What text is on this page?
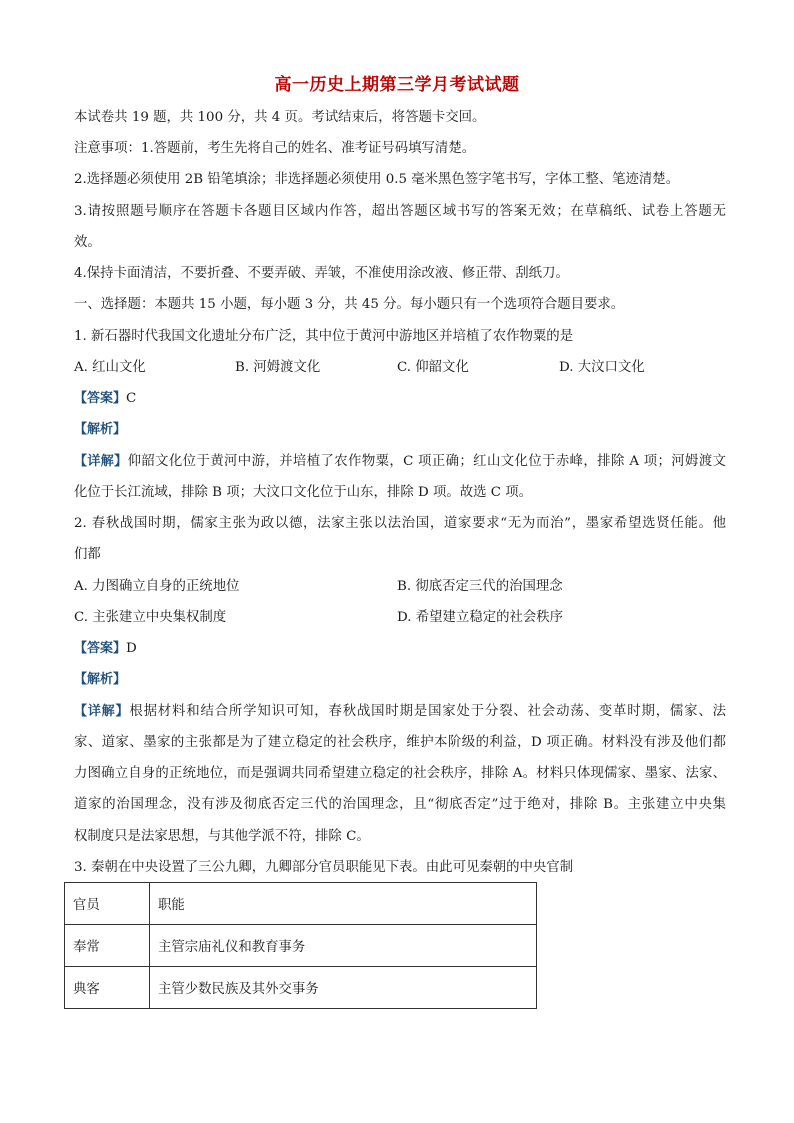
高一历史上期第三学月考试试题
本试卷共 19 题，共 100 分，共 4 页。考试结束后，将答题卡交回。
注意事项：1.答题前，考生先将自己的姓名、准考证号码填写清楚。
2.选择题必须使用 2B 铅笔填涂；非选择题必须使用 0.5 毫米黑色签字笔书写，字体工整、笔迹清楚。
3.请按照题号顺序在答题卡各题目区域内作答，超出答题区域书写的答案无效；在草稿纸、试卷上答题无
效。
4.保持卡面清洁，不要折叠、不要弄破、弄皱，不准使用涂改液、修正带、刮纸刀。
一、选择题：本题共 15 小题，每小题 3 分，共 45 分。每小题只有一个选项符合题目要求。
1. 新石器时代我国文化遗址分布广泛，其中位于黄河中游地区并培植了农作物粟的是
A. 红山文化	B. 河姆渡文化	C. 仰韶文化	D. 大汶口文化
【答案】C
【解析】
【详解】仰韶文化位于黄河中游，并培植了农作物粟，C 项正确；红山文化位于赤峰，排除 A 项；河姆渡文
化位于长江流域，排除 B 项；大汶口文化位于山东，排除 D 项。故选 C 项。
2. 春秋战国时期，儒家主张为政以德，法家主张以法治国，道家要求“无为而治”，墨家希望选贤任能。他
们都
A. 力图确立自身的正统地位	B. 彻底否定三代的治国理念
C. 主张建立中央集权制度	D. 希望建立稳定的社会秩序
【答案】D
【解析】
【详解】根据材料和结合所学知识可知，春秋战国时期是国家处于分裂、社会动荡、变革时期，儒家、法
家、道家、墨家的主张都是为了建立稳定的社会秩序，维护本阶级的利益，D 项正确。材料没有涉及他们都
力图确立自身的正统地位，而是强调共同希望建立稳定的社会秩序，排除 A。材料只体现儒家、墨家、法家、
道家的治国理念，没有涉及彻底否定三代的治国理念，且“彻底否定”过于绝对，排除 B。主张建立中央集
权制度只是法家思想，与其他学派不符，排除 C。
3. 秦朝在中央设置了三公九卿，九卿部分官员职能见下表。由此可见秦朝的中央官制
官员	职能
奉常	主管宗庙礼仪和教育事务
典客	主管少数民族及其外交事务
